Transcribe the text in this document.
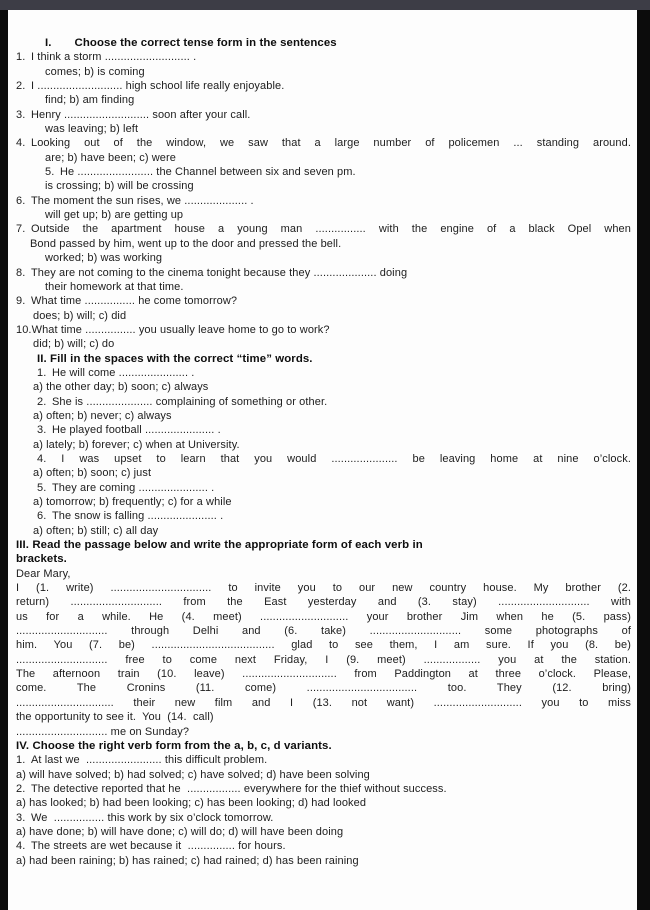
I.  Choose the correct tense form in the sentences
1. I think a storm ........................... .
comes; b) is coming
2. I ........................... high school life really enjoyable.
find; b) am finding
3. Henry ........................... soon after your call.
was leaving; b) left
4. Looking out of the window, we saw that a large number of policemen ... standing around.
are; b) have been; c) were
5. He ........................ the Channel between six and seven pm.
is crossing; b) will be crossing
6. The moment the sun rises, we .................... .
will get up; b) are getting up
7. Outside the apartment house a young man ................ with the engine of a black Opel when
Bond passed by him, went up to the door and pressed the bell.
worked; b) was working
8. They are not coming to the cinema tonight because they .................... doing
their homework at that time.
9. What time ................ he come tomorrow?
does; b) will; c) did
10.What time ................ you usually leave home to go to work?
did; b) will; c) do
II. Fill in the spaces with the correct “time” words.
1. He will come ...................... .
a) the other day; b) soon; c) always
2. She is ..................... complaining of something or other.
a) often; b) never; c) always
3. He played football ...................... .
a) lately; b) forever; c) when at University.
4. I was upset to learn that you would ..................... be leaving home at nine o’clock.
a) often; b) soon; c) just
5. They are coming ...................... .
a) tomorrow; b) frequently; c) for a while
6. The snow is falling ...................... .
a) often; b) still; c) all day
III. Read the passage below and write the appropriate form of each verb in
brackets.
Dear Mary,
I (1. write) ................................ to invite you to our new country house. My brother (2.
return) ............................. from the East yesterday and (3. stay) ............................. with
us for a while. He (4. meet) ............................ your brother Jim when he (5. pass)
............................. through Delhi and (6. take) ............................. some photographs of
him. You (7. be) ....................................... glad to see them, I am sure. If you (8. be)
............................. free to come next Friday, I (9. meet) .................. you at the station.
The afternoon train (10. leave) .............................. from Paddington at three o’clock. Please,
come. The Cronins (11. come) ................................... too. They (12. bring)
............................... their new film and I (13. not want) ............................ you to miss
the opportunity to see it.  You  (14.  call)
............................. me on Sunday?
IV. Choose the right verb form from the a, b, c, d variants.
1. At last we  ........................ this difficult problem.
a) will have solved; b) had solved; c) have solved; d) have been solving
2. The detective reported that he  ................. everywhere for the thief without success.
a) has looked; b) had been looking; c) has been looking; d) had looked
3. We  ................ this work by six o’clock tomorrow.
a) have done; b) will have done; c) will do; d) will have been doing
4. The streets are wet because it  ............... for hours.
a) had been raining; b) has rained; c) had rained; d) has been raining
